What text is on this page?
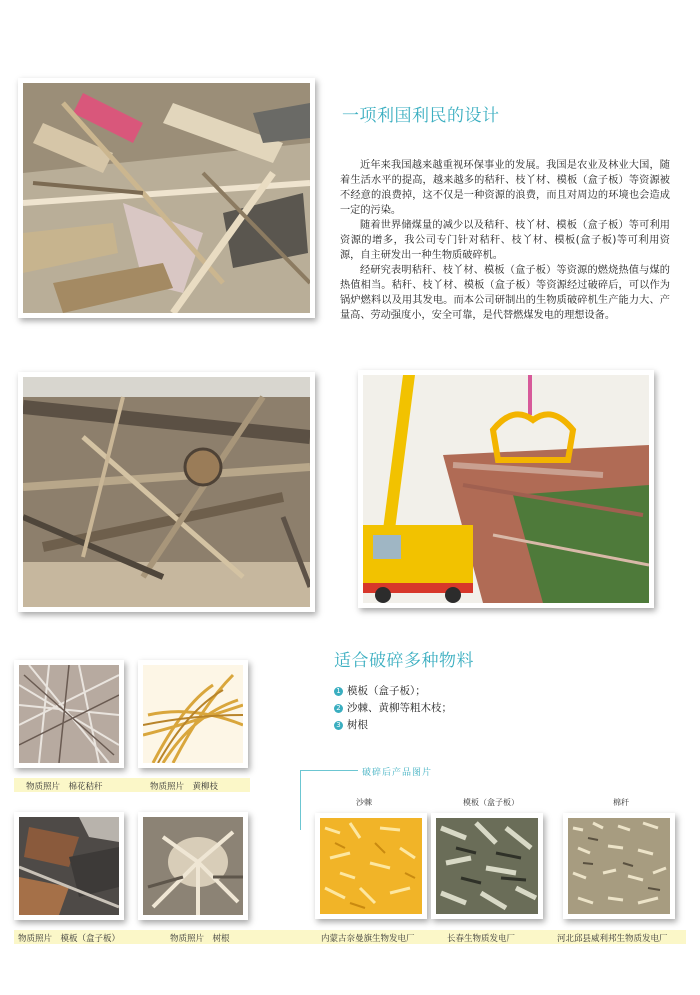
一项利国利民的设计

近年来我国越来越重视环保事业的发展。我国是农业及林业大国，随着生活水平的提高，越来越多的秸秆、枝丫材、模板（盒子板）等资源被不经意的浪费掉，这不仅是一种资源的浪费，而且对周边的环境也会造成一定的污染。

随着世界储煤量的减少以及秸秆、枝丫材、模板（盒子板）等可利用资源的增多，我公司专门针对秸秆、枝丫材、模板(盒子板)等可利用资源，自主研发出一种生物质破碎机。

经研究表明秸秆、枝丫材、模板（盒子板）等资源的燃烧热值与煤的热值相当。秸秆、枝丫材、模板（盒子板）等资源经过破碎后，可以作为锅炉燃料以及用其发电。而本公司研制出的生物质破碎机生产能力大、产量高、劳动强度小，安全可靠，是代替燃煤发电的理想设备。

适合破碎多种物料
1 模板（盒子板）；
2 沙棘、黄柳等粗木枝；
3 树根
物质照片　棉花秸秆	物质照片　黄柳枝
破碎后产品图片
沙棘	模板（盒子板）	棉秆
物质照片　模板（盒子板）	物质照片　树根	内蒙古奈曼旗生物发电厂	长春生物质发电厂	河北邱县威利邦生物质发电厂
